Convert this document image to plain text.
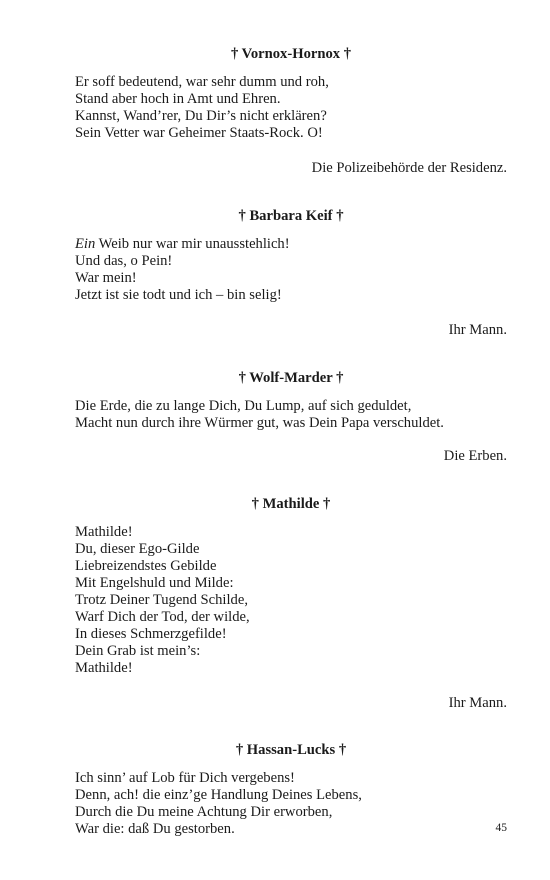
† Vornox-Hornox †
Er soff bedeutend, war sehr dumm und roh,
Stand aber hoch in Amt und Ehren.
Kannst, Wand’rer, Du Dir’s nicht erklären?
Sein Vetter war Geheimer Staats-Rock. O!
Die Polizeibehörde der Residenz.
† Barbara Keif †
Ein Weib nur war mir unausstehlich!
Und das, o Pein!
War mein!
Jetzt ist sie todt und ich – bin selig!
Ihr Mann.
† Wolf-Marder †
Die Erde, die zu lange Dich, Du Lump, auf sich geduldet,
Macht nun durch ihre Würmer gut, was Dein Papa verschuldet.
Die Erben.
† Mathilde †
Mathilde!
Du, dieser Ego-Gilde
Liebreizendstes Gebilde
Mit Engelshuld und Milde:
Trotz Deiner Tugend Schilde,
Warf Dich der Tod, der wilde,
In dieses Schmerzgefilde!
Dein Grab ist mein’s:
Mathilde!
Ihr Mann.
† Hassan-Lucks †
Ich sinn’ auf Lob für Dich vergebens!
Denn, ach! die einz’ge Handlung Deines Lebens,
Durch die Du meine Achtung Dir erworben,
War die: daß Du gestorben.	45
